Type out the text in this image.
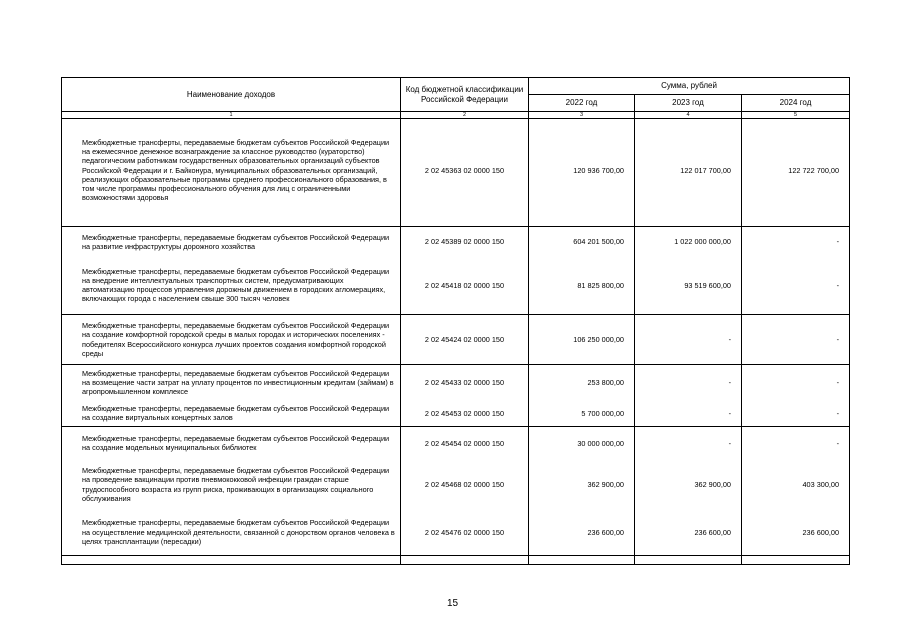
Наименование доходов	Код бюджетной классификации Российской Федерации	Сумма, рублей		
		2022 год	2023 год	2024 год
1	2	3	4	5
Межбюджетные трансферты, передаваемые бюджетам субъектов Российской Федерации на ежемесячное денежное вознаграждение за классное руководство (кураторство) педагогическим работникам государственных образовательных организаций субъектов Российской Федерации и г. Байконура, муниципальных образовательных организаций, реализующих образовательные программы среднего профессионального образования, в том числе программы профессионального обучения для лиц с ограниченными возможностями здоровья	2 02 45363 02 0000 150	120 936 700,00	122 017 700,00	122 722 700,00

Межбюджетные трансферты, передаваемые бюджетам субъектов Российской Федерации на развитие инфраструктуры дорожного хозяйства	2 02 45389 02 0000 150	604 201 500,00	1 022 000 000,00	-
Межбюджетные трансферты, передаваемые бюджетам субъектов Российской Федерации на внедрение интеллектуальных транспортных систем, предусматривающих автоматизацию процессов управления дорожным движением в городских агломерациях, включающих города с населением свыше 300 тысяч человек	2 02 45418 02 0000 150	81 825 800,00	93 519 600,00	-
Межбюджетные трансферты, передаваемые бюджетам субъектов Российской Федерации на создание комфортной городской среды в малых городах и исторических поселениях - победителях Всероссийского конкурса лучших проектов создания комфортной городской среды	2 02 45424 02 0000 150	106 250 000,00	-	-
Межбюджетные трансферты, передаваемые бюджетам субъектов Российской Федерации на возмещение части затрат на уплату процентов по инвестиционным кредитам (займам) в агропромышленном комплексе	2 02 45433 02 0000 150	253 800,00	-	-
Межбюджетные трансферты, передаваемые бюджетам субъектов Российской Федерации на создание виртуальных концертных залов	2 02 45453 02 0000 150	5 700 000,00	-	-
Межбюджетные трансферты, передаваемые бюджетам субъектов Российской Федерации на создание модельных муниципальных библиотек	2 02 45454 02 0000 150	30 000 000,00	-	-
Межбюджетные трансферты, передаваемые бюджетам субъектов Российской Федерации на проведение вакцинации против пневмококковой инфекции граждан старше трудоспособного возраста из групп риска, проживающих в организациях социального обслуживания	2 02 45468 02 0000 150	362 900,00	362 900,00	403 300,00
Межбюджетные трансферты, передаваемые бюджетам субъектов Российской Федерации на осуществление медицинской деятельности, связанной с донорством органов человека в целях трансплантации (пересадки)	2 02 45476 02 0000 150	236 600,00	236 600,00	236 600,00

15
